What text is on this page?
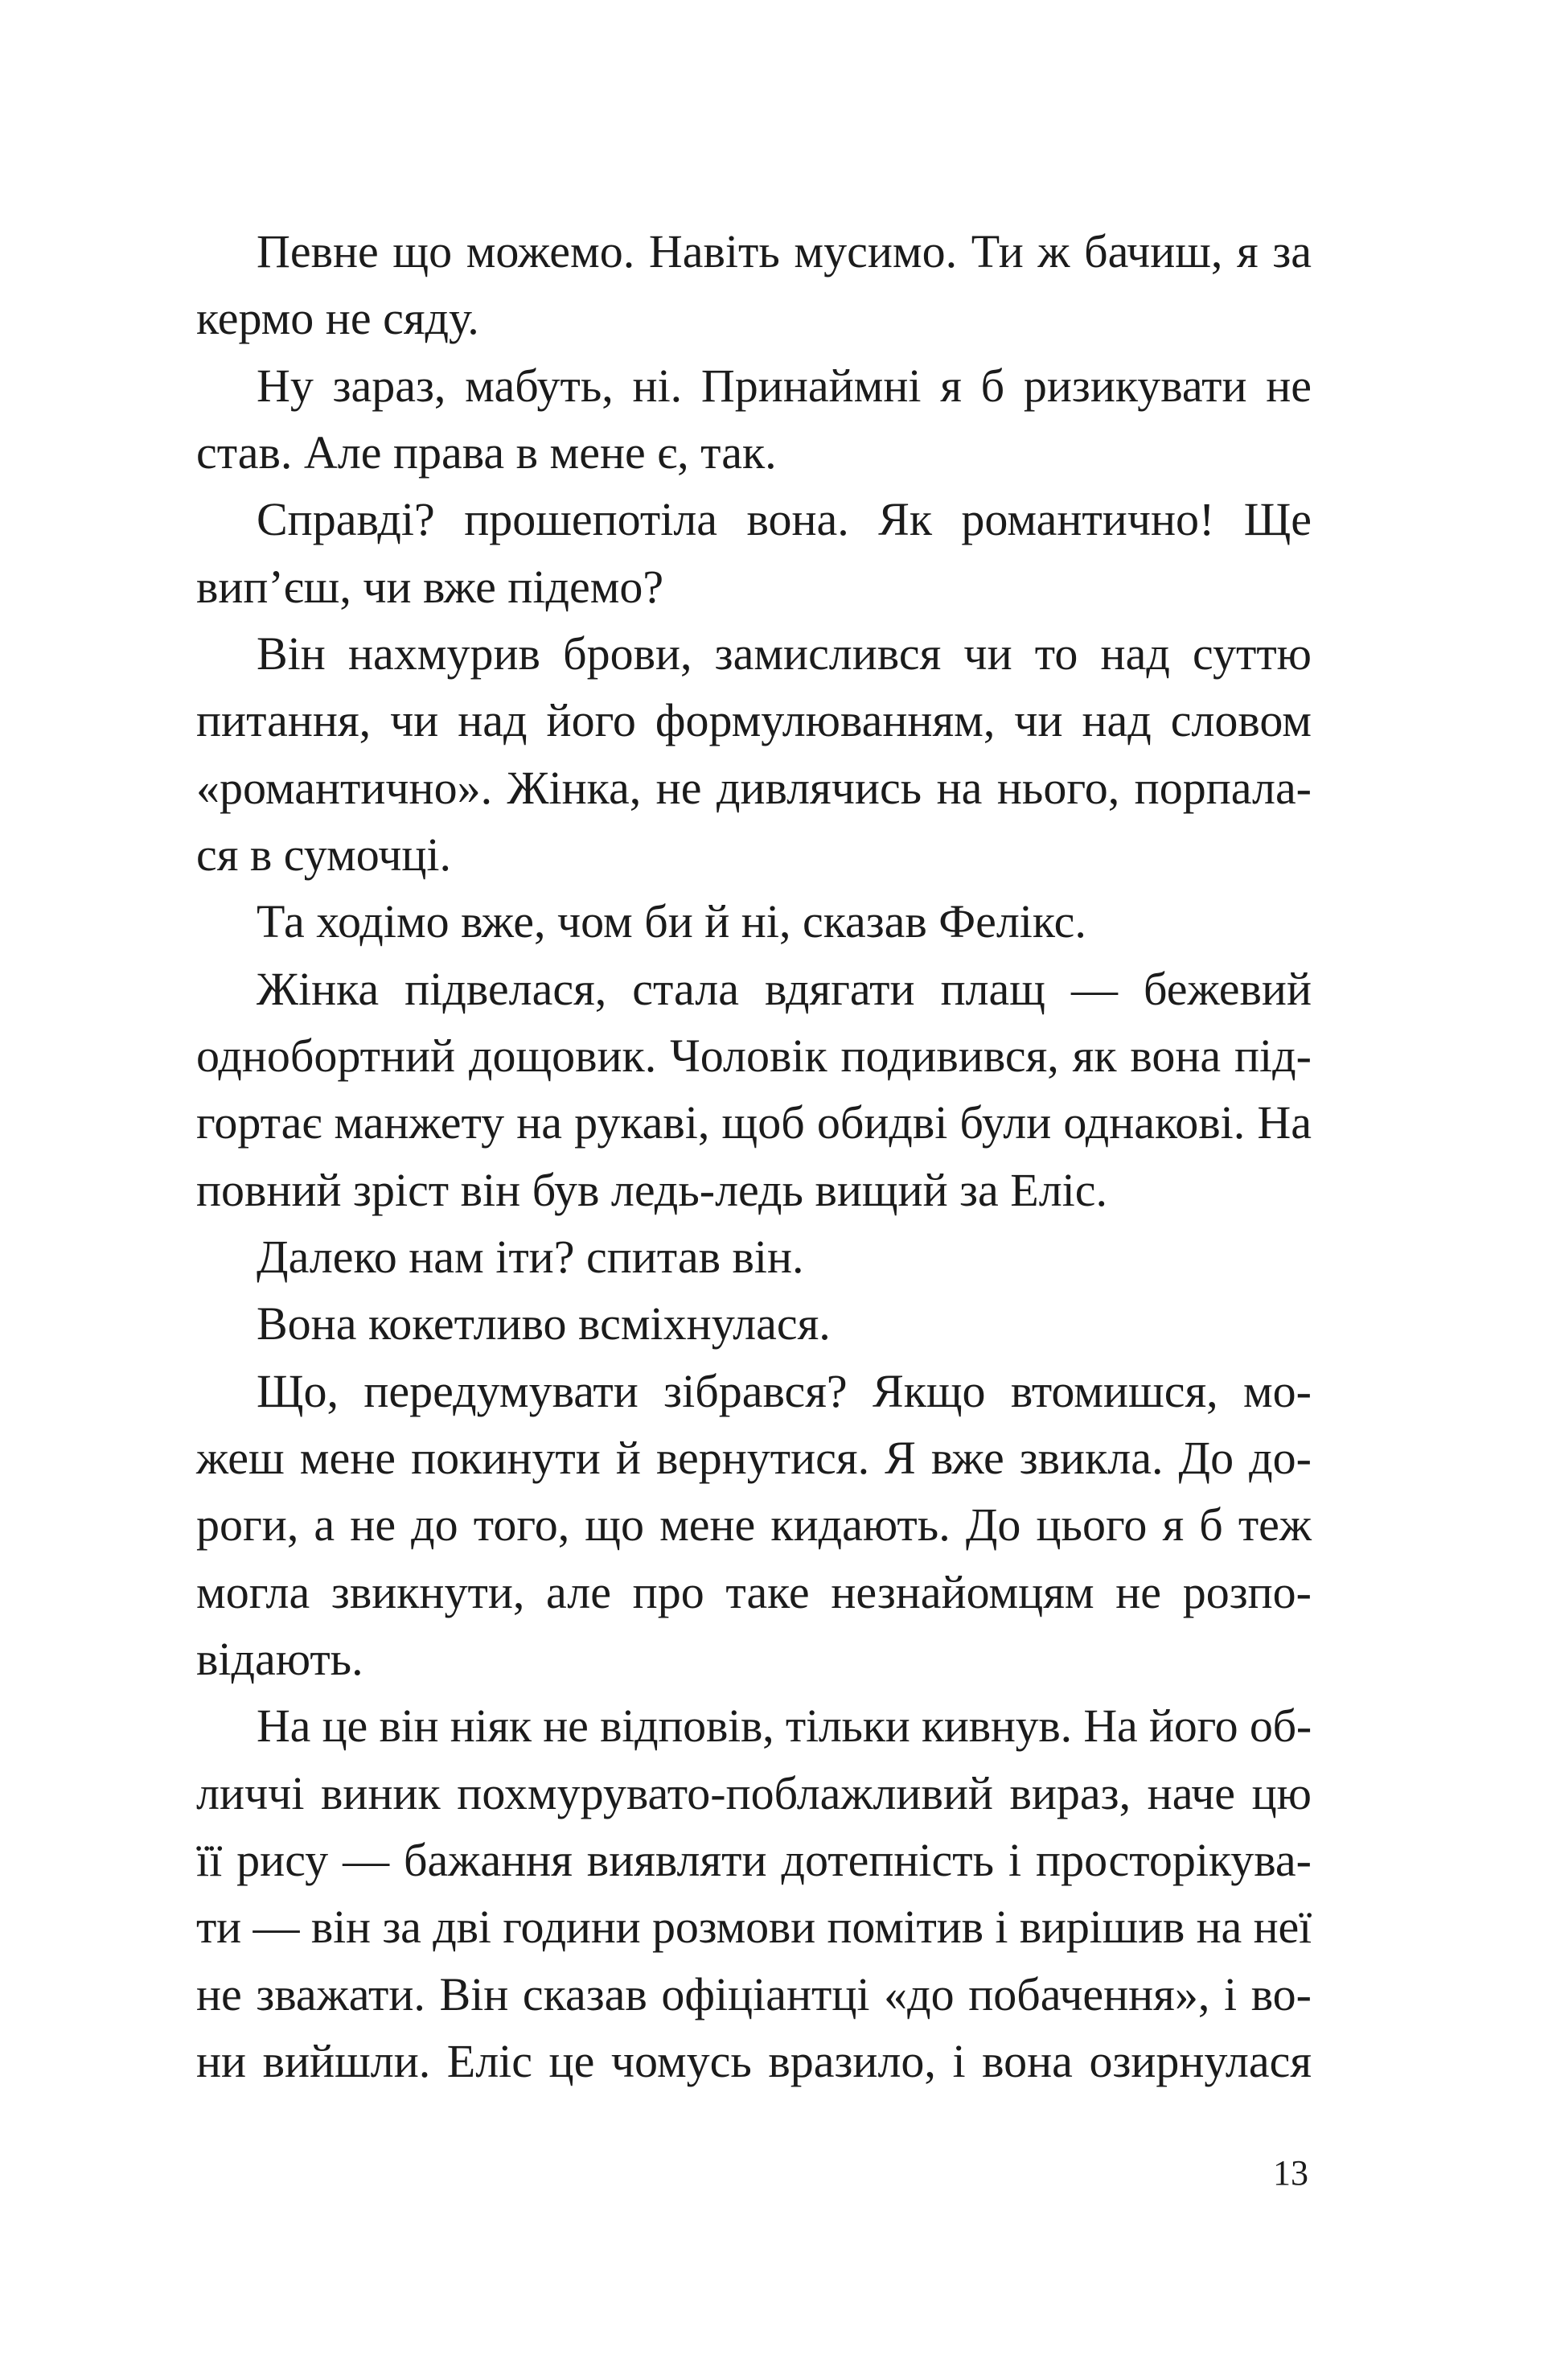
Певне що можемо. Навіть мусимо. Ти ж бачиш, я за
кермо не сяду.
Ну зараз, мабуть, ні. Принаймні я б ризикувати не
став. Але права в мене є, так.
Справді? прошепотіла вона. Як романтично! Ще
вип’єш, чи вже підемо?
Він нахмурив брови, замислився чи то над суттю
питання, чи над його формулюванням, чи над словом
«романтично». Жінка, не дивлячись на нього, порпала-
ся в сумочці.
Та ходімо вже, чом би й ні, сказав Фелікс.
Жінка підвелася, стала вдягати плащ — бежевий
однобортний дощовик. Чоловік подивився, як вона під-
гортає манжету на рукаві, щоб обидві були однакові. На
повний зріст він був ледь-ледь вищий за Еліс.
Далеко нам іти? спитав він.
Вона кокетливо всміхнулася.
Що, передумувати зібрався? Якщо втомишся, мо-
жеш мене покинути й вернутися. Я вже звикла. До до-
роги, а не до того, що мене кидають. До цього я б теж
могла звикнути, але про таке незнайомцям не розпо-
відають.
На це він ніяк не відповів, тільки кивнув. На його об-
личчі виник похмурувато-поблажливий вираз, наче цю
її рису — бажання виявляти дотепність і просторікува-
ти — він за дві години розмови помітив і вирішив на неї
не зважати. Він сказав офіціантці «до побачення», і во-
ни вийшли. Еліс це чомусь вразило, і вона озирнулася
13
